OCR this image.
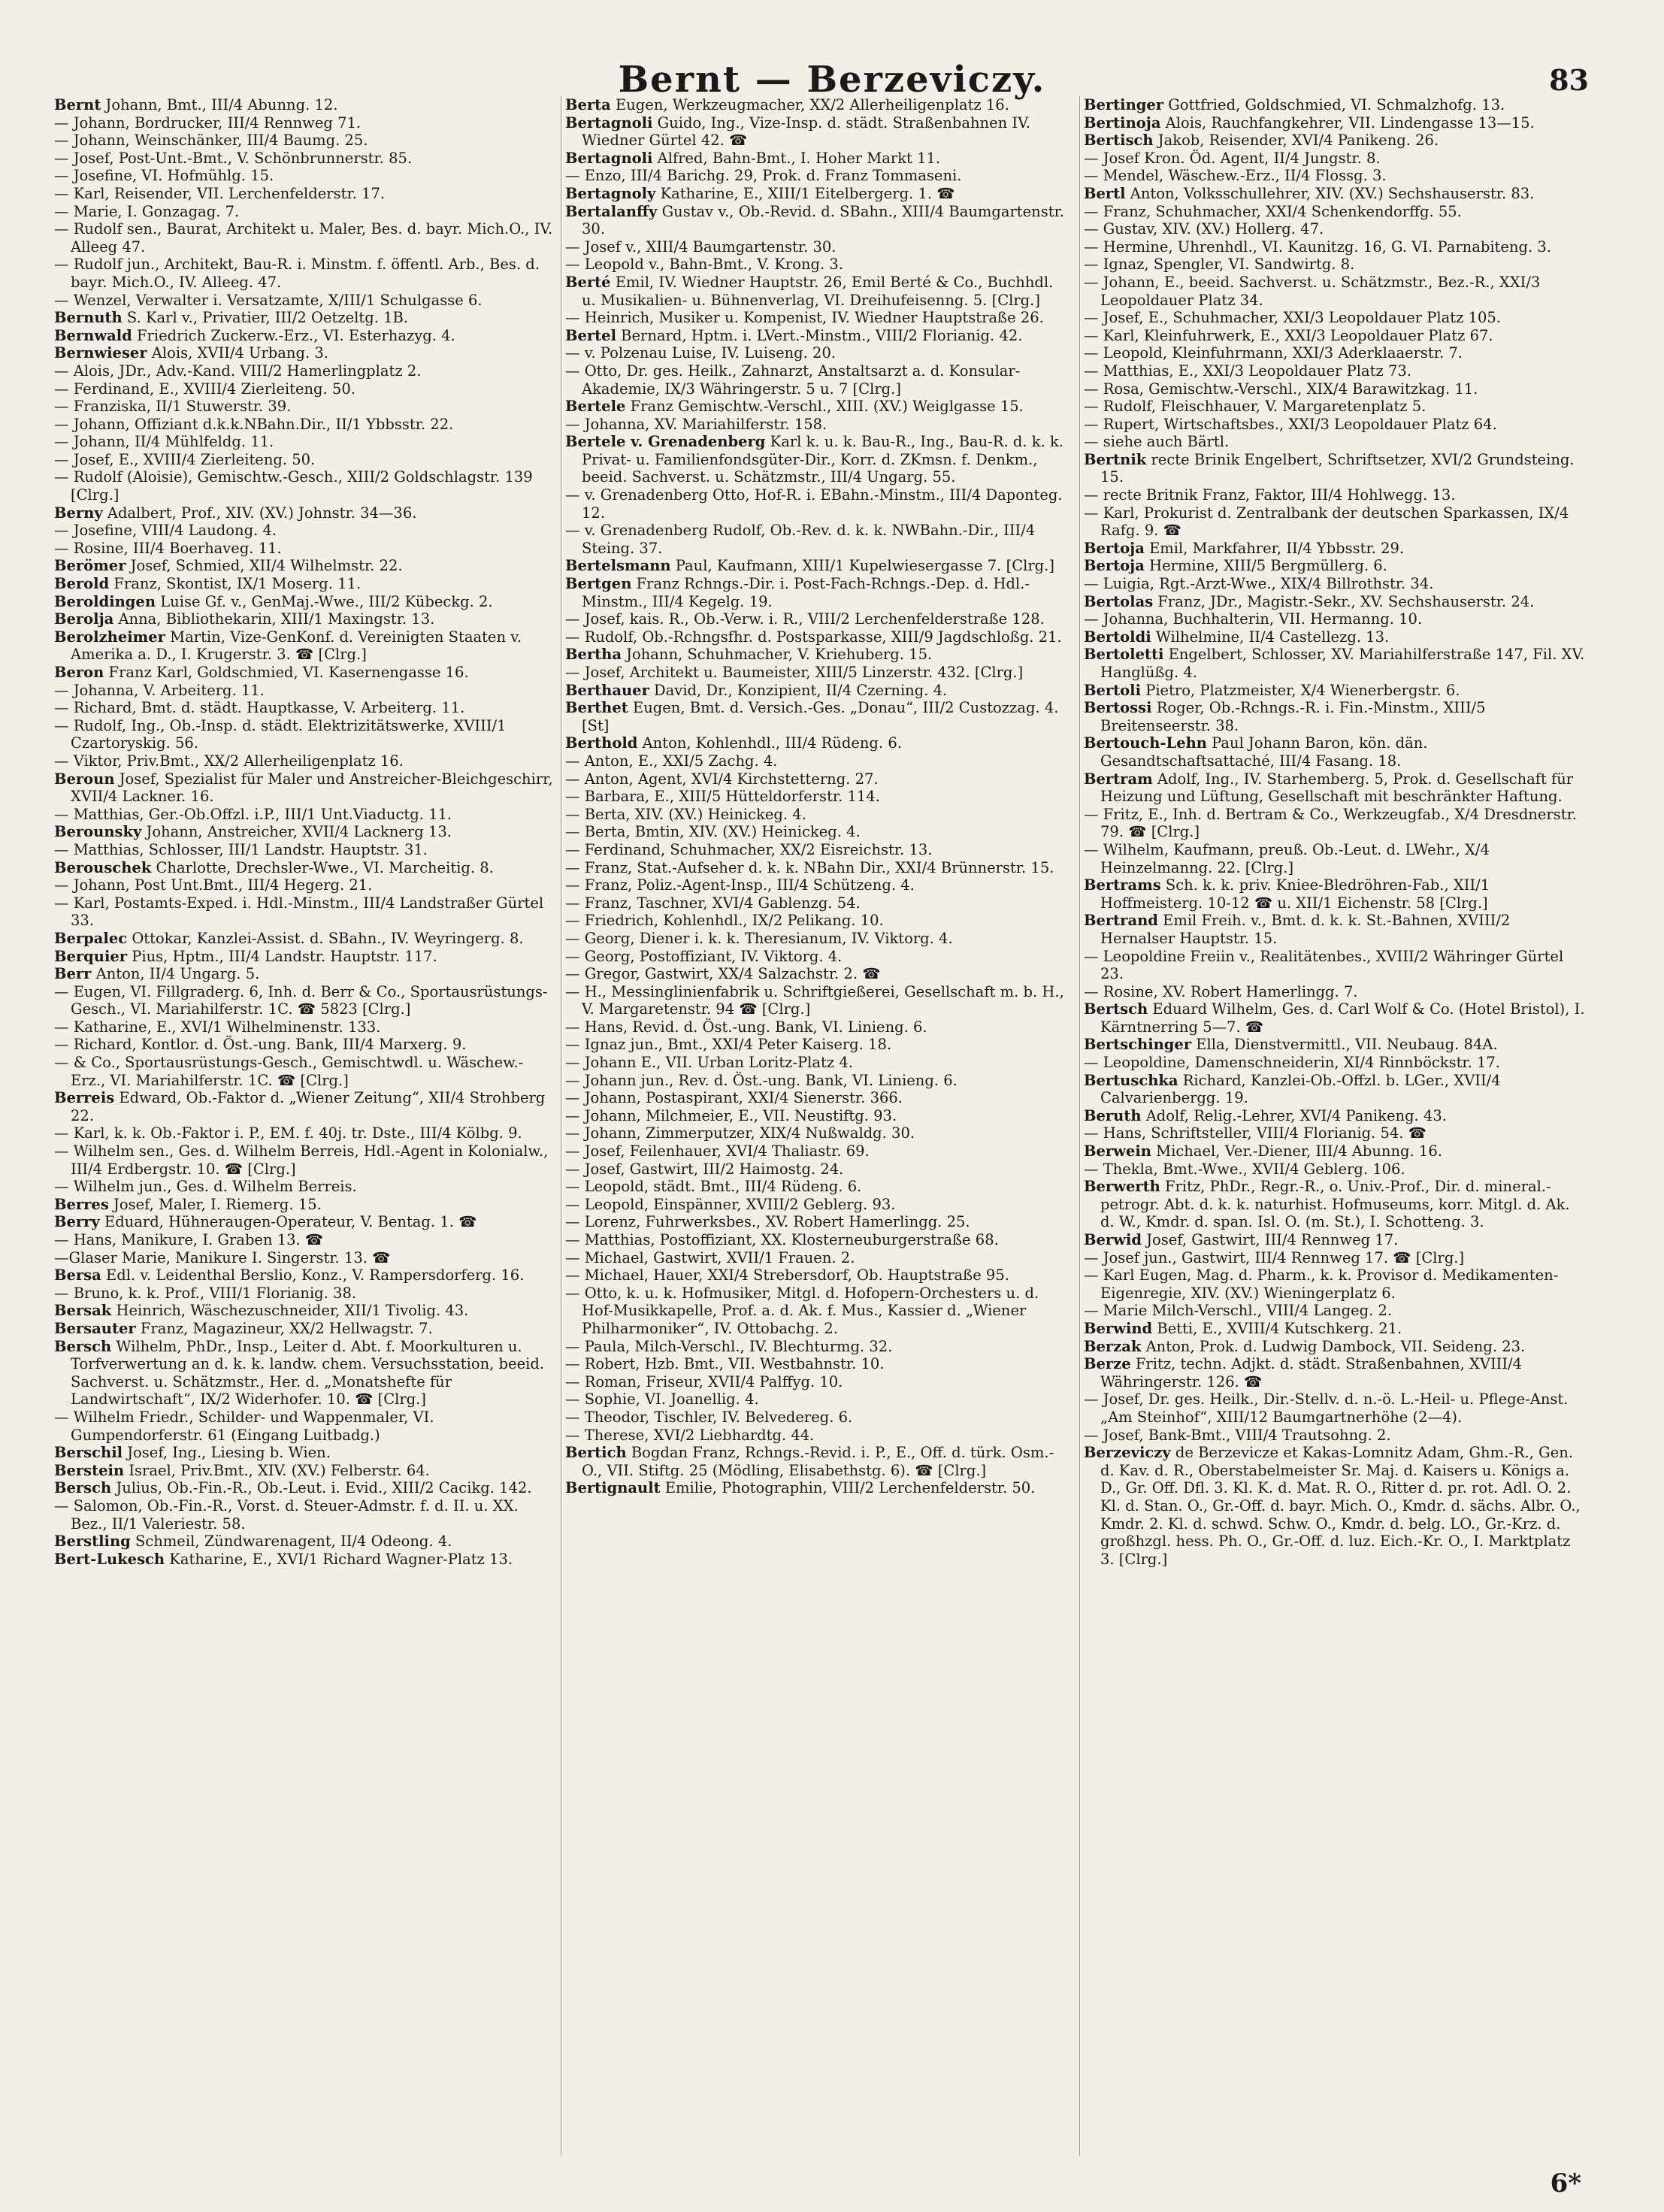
Bernt — Berzeviczy.	83

Bernt Johann, Bmt., III/4 Abunng. 12.

— Johann, Bordrucker, III/4 Rennweg 71.

— Johann, Weinschänker, III/4 Baumg. 25.

— Josef, Post-Unt.-Bmt., V. Schönbrunnerstr. 85.

— Josefine, VI. Hofmühlg. 15.

— Karl, Reisender, VII. Lerchenfelderstr. 17.

— Marie, I. Gonzagag. 7.

— Rudolf sen., Baurat, Architekt u. Maler, Bes. d. bayr. Mich.O., IV. Alleeg 47.

— Rudolf jun., Architekt, Bau-R. i. Minstm. f. öffentl. Arb., Bes. d. bayr. Mich.O., IV. Alleeg. 47.

— Wenzel, Verwalter i. Versatzamte, X/III/1 Schulgasse 6.

Bernuth S. Karl v., Privatier, III/2 Oetzeltg. 1B.

Bernwald Friedrich Zuckerw.-Erz., VI. Esterhazyg. 4.

Bernwieser Alois, XVII/4 Urbang. 3.

— Alois, JDr., Adv.-Kand. VIII/2 Hamerlingplatz 2.

— Ferdinand, E., XVIII/4 Zierleiteng. 50.

— Franziska, II/1 Stuwerstr. 39.

— Johann, Offiziant d.k.k.NBahn.Dir., II/1 Ybbsstr. 22.

— Johann, II/4 Mühlfeldg. 11.

— Josef, E., XVIII/4 Zierleiteng. 50.

— Rudolf (Aloisie), Gemischtw.-Gesch., XIII/2 Goldschlagstr. 139 [Clrg.]

Berny Adalbert, Prof., XIV. (XV.) Johnstr. 34—36.

— Josefine, VIII/4 Laudong. 4.

— Rosine, III/4 Boerhaveg. 11.

Berömer Josef, Schmied, XII/4 Wilhelmstr. 22.

Berold Franz, Skontist, IX/1 Moserg. 11.

Beroldingen Luise Gf. v., GenMaj.-Wwe., III/2 Kübeckg. 2.

Berolja Anna, Bibliothekarin, XIII/1 Maxingstr. 13.

Berolzheimer Martin, Vize-GenKonf. d. Vereinigten Staaten v. Amerika a. D., I. Krugerstr. 3. ☎ [Clrg.]

Beron Franz Karl, Goldschmied, VI. Kasernengasse 16.

— Johanna, V. Arbeiterg. 11.

— Richard, Bmt. d. städt. Hauptkasse, V. Arbeiterg. 11.

— Rudolf, Ing., Ob.-Insp. d. städt. Elektrizitätswerke, XVIII/1 Czartoryskig. 56.

— Viktor, Priv.Bmt., XX/2 Allerheiligenplatz 16.

Beroun Josef, Spezialist für Maler und Anstreicher-Bleichgeschirr, XVII/4 Lackner. 16.

— Matthias, Ger.-Ob.Offzl. i.P., III/1 Unt.Viaductg. 11.

Berounsky Johann, Anstreicher, XVII/4 Lacknerg 13.

— Matthias, Schlosser, III/1 Landstr. Hauptstr. 31.

Berouschek Charlotte, Drechsler-Wwe., VI. Marcheitig. 8.

— Johann, Post Unt.Bmt., III/4 Hegerg. 21.

— Karl, Postamts-Exped. i. Hdl.-Minstm., III/4 Landstraßer Gürtel 33.

Berpalec Ottokar, Kanzlei-Assist. d. SBahn., IV. Weyringerg. 8.

Berquier Pius, Hptm., III/4 Landstr. Hauptstr. 117.

Berr Anton, II/4 Ungarg. 5.

— Eugen, VI. Fillgraderg. 6, Inh. d. Berr & Co., Sportausrüstungs-Gesch., VI. Mariahilferstr. 1C. ☎ 5823 [Clrg.]

— Katharine, E., XVI/1 Wilhelminenstr. 133.

— Richard, Kontlor. d. Öst.-ung. Bank, III/4 Marxerg. 9.

— & Co., Sportausrüstungs-Gesch., Gemischtwdl. u. Wäschew.-Erz., VI. Mariahilferstr. 1C. ☎ [Clrg.]

Berreis Edward, Ob.-Faktor d. „Wiener Zeitung“, XII/4 Strohberg 22.

— Karl, k. k. Ob.-Faktor i. P., EM. f. 40j. tr. Dste., III/4 Kölbg. 9.

— Wilhelm sen., Ges. d. Wilhelm Berreis, Hdl.-Agent in Kolonialw., III/4 Erdbergstr. 10. ☎ [Clrg.]

— Wilhelm jun., Ges. d. Wilhelm Berreis.

Berres Josef, Maler, I. Riemerg. 15.

Berry Eduard, Hühneraugen-Operateur, V. Bentag. 1. ☎

— Hans, Manikure, I. Graben 13. ☎

—Glaser Marie, Manikure I. Singerstr. 13. ☎

Bersa Edl. v. Leidenthal Berslio, Konz., V. Rampersdorferg. 16.

— Bruno, k. k. Prof., VIII/1 Florianig. 38.

Bersak Heinrich, Wäschezuschneider, XII/1 Tivolig. 43.

Bersauter Franz, Magazineur, XX/2 Hellwagstr. 7.

Bersch Wilhelm, PhDr., Insp., Leiter d. Abt. f. Moorkulturen u. Torfverwertung an d. k. k. landw. chem. Versuchsstation, beeid. Sachverst. u. Schätzmstr., Her. d. „Monatshefte für Landwirtschaft“, IX/2 Widerhofer. 10. ☎ [Clrg.]

— Wilhelm Friedr., Schilder- und Wappenmaler, VI. Gumpendorferstr. 61 (Eingang Luitbadg.)

Berschil Josef, Ing., Liesing b. Wien.

Berstein Israel, Priv.Bmt., XIV. (XV.) Felberstr. 64.

Bersch Julius, Ob.-Fin.-R., Ob.-Leut. i. Evid., XIII/2 Cacikg. 142.

— Salomon, Ob.-Fin.-R., Vorst. d. Steuer-Admstr. f. d. II. u. XX. Bez., II/1 Valeriestr. 58.

Berstling Schmeil, Zündwarenagent, II/4 Odeong. 4.

Bert-Lukesch Katharine, E., XVI/1 Richard Wagner-Platz 13.

Berta Eugen, Werkzeugmacher, XX/2 Allerheiligenplatz 16.

Bertagnoli Guido, Ing., Vize-Insp. d. städt. Straßenbahnen IV. Wiedner Gürtel 42. ☎

Bertagnoli Alfred, Bahn-Bmt., I. Hoher Markt 11.

— Enzo, III/4 Barichg. 29, Prok. d. Franz Tommaseni.

Bertagnoly Katharine, E., XIII/1 Eitelbergerg. 1. ☎

Bertalanffy Gustav v., Ob.-Revid. d. SBahn., XIII/4 Baumgartenstr. 30.

— Josef v., XIII/4 Baumgartenstr. 30.

— Leopold v., Bahn-Bmt., V. Krong. 3.

Berté Emil, IV. Wiedner Hauptstr. 26, Emil Berté & Co., Buchhdl. u. Musikalien- u. Bühnenverlag, VI. Dreihufeisenng. 5. [Clrg.]

— Heinrich, Musiker u. Kompenist, IV. Wiedner Hauptstraße 26.

Bertel Bernard, Hptm. i. LVert.-Minstm., VIII/2 Florianig. 42.

— v. Polzenau Luise, IV. Luiseng. 20.

— Otto, Dr. ges. Heilk., Zahnarzt, Anstaltsarzt a. d. Konsular-Akademie, IX/3 Währingerstr. 5 u. 7 [Clrg.]

Bertele Franz Gemischtw.-Verschl., XIII. (XV.) Weiglgasse 15.

— Johanna, XV. Mariahilferstr. 158.

Bertele v. Grenadenberg Karl k. u. k. Bau-R., Ing., Bau-R. d. k. k. Privat- u. Familienfondsgüter-Dir., Korr. d. ZKmsn. f. Denkm., beeid. Sachverst. u. Schätzmstr., III/4 Ungarg. 55.

— v. Grenadenberg Otto, Hof-R. i. EBahn.-Minstm., III/4 Daponteg. 12.

— v. Grenadenberg Rudolf, Ob.-Rev. d. k. k. NWBahn.-Dir., III/4 Steing. 37.

Bertelsmann Paul, Kaufmann, XIII/1 Kupelwiesergasse 7. [Clrg.]

Bertgen Franz Rchngs.-Dir. i. Post-Fach-Rchngs.-Dep. d. Hdl.-Minstm., III/4 Kegelg. 19.

— Josef, kais. R., Ob.-Verw. i. R., VIII/2 Lerchenfelderstraße 128.

— Rudolf, Ob.-Rchngsfhr. d. Postsparkasse, XIII/9 Jagdschloßg. 21.

Bertha Johann, Schuhmacher, V. Kriehuberg. 15.

— Josef, Architekt u. Baumeister, XIII/5 Linzerstr. 432. [Clrg.]

Berthauer David, Dr., Konzipient, II/4 Czerning. 4.

Berthet Eugen, Bmt. d. Versich.-Ges. „Donau“, III/2 Custozzag. 4. [St]

Berthold Anton, Kohlenhdl., III/4 Rüdeng. 6.

— Anton, E., XXI/5 Zachg. 4.

— Anton, Agent, XVI/4 Kirchstetterng. 27.

— Barbara, E., XIII/5 Hütteldorferstr. 114.

— Berta, XIV. (XV.) Heinickeg. 4.

— Berta, Bmtin, XIV. (XV.) Heinickeg. 4.

— Ferdinand, Schuhmacher, XX/2 Eisreichstr. 13.

— Franz, Stat.-Aufseher d. k. k. NBahn Dir., XXI/4 Brünnerstr. 15.

— Franz, Poliz.-Agent-Insp., III/4 Schützeng. 4.

— Franz, Taschner, XVI/4 Gablenzg. 54.

— Friedrich, Kohlenhdl., IX/2 Pelikang. 10.

— Georg, Diener i. k. k. Theresianum, IV. Viktorg. 4.

— Georg, Postoffiziant, IV. Viktorg. 4.

— Gregor, Gastwirt, XX/4 Salzachstr. 2. ☎

— H., Messinglinienfabrik u. Schriftgießerei, Gesellschaft m. b. H., V. Margaretenstr. 94 ☎ [Clrg.]

— Hans, Revid. d. Öst.-ung. Bank, VI. Linieng. 6.

— Ignaz jun., Bmt., XXI/4 Peter Kaiserg. 18.

— Johann E., VII. Urban Loritz-Platz 4.

— Johann jun., Rev. d. Öst.-ung. Bank, VI. Linieng. 6.

— Johann, Postaspirant, XXI/4 Sienerstr. 366.

— Johann, Milchmeier, E., VII. Neustiftg. 93.

— Johann, Zimmerputzer, XIX/4 Nußwaldg. 30.

— Josef, Feilenhauer, XVI/4 Thaliastr. 69.

— Josef, Gastwirt, III/2 Haimostg. 24.

— Leopold, städt. Bmt., III/4 Rüdeng. 6.

— Leopold, Einspänner, XVIII/2 Geblerg. 93.

— Lorenz, Fuhrwerksbes., XV. Robert Hamerlingg. 25.

— Matthias, Postoffiziant, XX. Klosterneuburgerstraße 68.

— Michael, Gastwirt, XVII/1 Frauen. 2.

— Michael, Hauer, XXI/4 Strebersdorf, Ob. Hauptstraße 95.

— Otto, k. u. k. Hofmusiker, Mitgl. d. Hofopern-Orchesters u. d. Hof-Musikkapelle, Prof. a. d. Ak. f. Mus., Kassier d. „Wiener Philharmoniker“, IV. Ottobachg. 2.

— Paula, Milch-Verschl., IV. Blechturmg. 32.

— Robert, Hzb. Bmt., VII. Westbahnstr. 10.

— Roman, Friseur, XVII/4 Palffyg. 10.

— Sophie, VI. Joanellig. 4.

— Theodor, Tischler, IV. Belvedereg. 6.

— Therese, XVI/2 Liebhardtg. 44.

Bertich Bogdan Franz, Rchngs.-Revid. i. P., E., Off. d. türk. Osm.-O., VII. Stiftg. 25 (Mödling, Elisabethstg. 6). ☎ [Clrg.]

Bertignault Emilie, Photographin, VIII/2 Lerchenfelderstr. 50.

Bertinger Gottfried, Goldschmied, VI. Schmalzhofg. 13.

Bertinoja Alois, Rauchfangkehrer, VII. Lindengasse 13—15.

Bertisch Jakob, Reisender, XVI/4 Panikeng. 26.

— Josef Kron. Öd. Agent, II/4 Jungstr. 8.

— Mendel, Wäschew.-Erz., II/4 Flossg. 3.

Bertl Anton, Volksschullehrer, XIV. (XV.) Sechshauserstr. 83.

— Franz, Schuhmacher, XXI/4 Schenkendorffg. 55.

— Gustav, XIV. (XV.) Hollerg. 47.

— Hermine, Uhrenhdl., VI. Kaunitzg. 16, G. VI. Parnabiteng. 3.

— Ignaz, Spengler, VI. Sandwirtg. 8.

— Johann, E., beeid. Sachverst. u. Schätzmstr., Bez.-R., XXI/3 Leopoldauer Platz 34.

— Josef, E., Schuhmacher, XXI/3 Leopoldauer Platz 105.

— Karl, Kleinfuhrwerk, E., XXI/3 Leopoldauer Platz 67.

— Leopold, Kleinfuhrmann, XXI/3 Aderklaaerstr. 7.

— Matthias, E., XXI/3 Leopoldauer Platz 73.

— Rosa, Gemischtw.-Verschl., XIX/4 Barawitzkag. 11.

— Rudolf, Fleischhauer, V. Margaretenplatz 5.

— Rupert, Wirtschaftsbes., XXI/3 Leopoldauer Platz 64.

— siehe auch Bärtl.

Bertnik recte Brinik Engelbert, Schriftsetzer, XVI/2 Grundsteing. 15.

— recte Britnik Franz, Faktor, III/4 Hohlwegg. 13.

— Karl, Prokurist d. Zentralbank der deutschen Sparkassen, IX/4 Rafg. 9. ☎

Bertoja Emil, Markfahrer, II/4 Ybbsstr. 29.

Bertoja Hermine, XIII/5 Bergmüllerg. 6.

— Luigia, Rgt.-Arzt-Wwe., XIX/4 Billrothstr. 34.

Bertolas Franz, JDr., Magistr.-Sekr., XV. Sechshauserstr. 24.

— Johanna, Buchhalterin, VII. Hermanng. 10.

Bertoldi Wilhelmine, II/4 Castellezg. 13.

Bertoletti Engelbert, Schlosser, XV. Mariahilferstraße 147, Fil. XV. Hanglüßg. 4.

Bertoli Pietro, Platzmeister, X/4 Wienerbergstr. 6.

Bertossi Roger, Ob.-Rchngs.-R. i. Fin.-Minstm., XIII/5 Breitenseerstr. 38.

Bertouch-Lehn Paul Johann Baron, kön. dän. Gesandtschaftsattaché, III/4 Fasang. 18.

Bertram Adolf, Ing., IV. Starhemberg. 5, Prok. d. Gesellschaft für Heizung und Lüftung, Gesellschaft mit beschränkter Haftung.

— Fritz, E., Inh. d. Bertram & Co., Werkzeugfab., X/4 Dresdnerstr. 79. ☎ [Clrg.]

— Wilhelm, Kaufmann, preuß. Ob.-Leut. d. LWehr., X/4 Heinzelmanng. 22. [Clrg.]

Bertrams Sch. k. k. priv. Kniee-Bledröhren-Fab., XII/1 Hoffmeisterg. 10-12 ☎ u. XII/1 Eichenstr. 58 [Clrg.]

Bertrand Emil Freih. v., Bmt. d. k. k. St.-Bahnen, XVIII/2 Hernalser Hauptstr. 15.

— Leopoldine Freiin v., Realitätenbes., XVIII/2 Währinger Gürtel 23.

— Rosine, XV. Robert Hamerlingg. 7.

Bertsch Eduard Wilhelm, Ges. d. Carl Wolf & Co. (Hotel Bristol), I. Kärntnerring 5—7. ☎

Bertschinger Ella, Dienstvermittl., VII. Neubaug. 84A.

— Leopoldine, Damenschneiderin, XI/4 Rinnböckstr. 17.

Bertuschka Richard, Kanzlei-Ob.-Offzl. b. LGer., XVII/4 Calvarienbergg. 19.

Beruth Adolf, Relig.-Lehrer, XVI/4 Panikeng. 43.

— Hans, Schriftsteller, VIII/4 Florianig. 54. ☎

Berwein Michael, Ver.-Diener, III/4 Abunng. 16.

— Thekla, Bmt.-Wwe., XVII/4 Geblerg. 106.

Berwerth Fritz, PhDr., Regr.-R., o. Univ.-Prof., Dir. d. mineral.-petrogr. Abt. d. k. k. naturhist. Hofmuseums, korr. Mitgl. d. Ak. d. W., Kmdr. d. span. Isl. O. (m. St.), I. Schotteng. 3.

Berwid Josef, Gastwirt, III/4 Rennweg 17.

— Josef jun., Gastwirt, III/4 Rennweg 17. ☎ [Clrg.]

— Karl Eugen, Mag. d. Pharm., k. k. Provisor d. Medikamenten-Eigenregie, XIV. (XV.) Wieningerplatz 6.

— Marie Milch-Verschl., VIII/4 Langeg. 2.

Berwind Betti, E., XVIII/4 Kutschkerg. 21.

Berzak Anton, Prok. d. Ludwig Dambock, VII. Seideng. 23.

Berze Fritz, techn. Adjkt. d. städt. Straßenbahnen, XVIII/4 Währingerstr. 126. ☎

— Josef, Dr. ges. Heilk., Dir.-Stellv. d. n.-ö. L.-Heil- u. Pflege-Anst. „Am Steinhof“, XIII/12 Baumgartnerhöhe (2—4).

— Josef, Bank-Bmt., VIII/4 Trautsohng. 2.

Berzeviczy de Berzevicze et Kakas-Lomnitz Adam, Ghm.-R., Gen. d. Kav. d. R., Oberstabelmeister Sr. Maj. d. Kaisers u. Königs a. D., Gr. Off. Dfl. 3. Kl. K. d. Mat. R. O., Ritter d. pr. rot. Adl. O. 2. Kl. d. Stan. O., Gr.-Off. d. bayr. Mich. O., Kmdr. d. sächs. Albr. O., Kmdr. 2. Kl. d. schwd. Schw. O., Kmdr. d. belg. LO., Gr.-Krz. d. großhzgl. hess. Ph. O., Gr.-Off. d. luz. Eich.-Kr. O., I. Marktplatz 3. [Clrg.]

6*
